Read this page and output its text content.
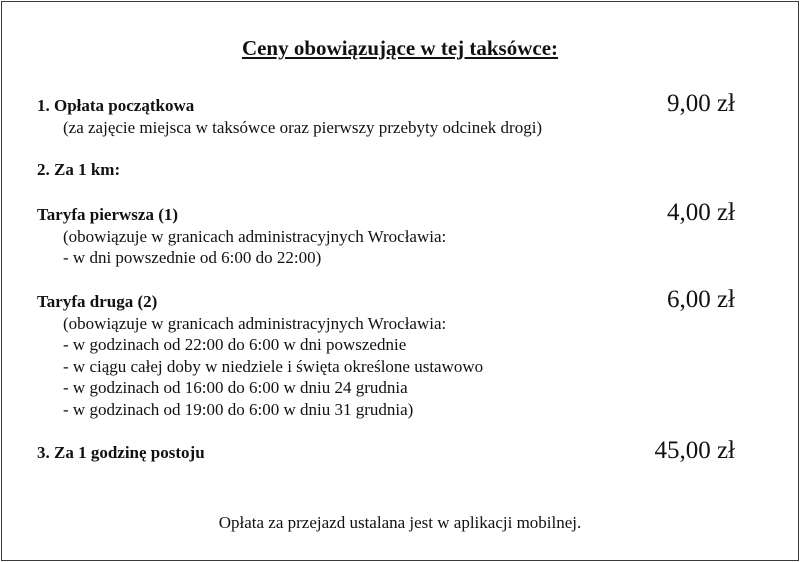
Ceny obowiązujące w tej taksówce:
1. Opłata początkowa
(za zajęcie miejsca w taksówce oraz pierwszy przebyty odcinek drogi)
9,00 zł
2. Za 1 km:
Taryfa pierwsza (1)
(obowiązuje w granicach administracyjnych Wrocławia:
- w dni powszednie od 6:00 do 22:00)
4,00 zł
Taryfa druga (2)
(obowiązuje w granicach administracyjnych Wrocławia:
- w godzinach od 22:00 do 6:00 w dni powszednie
- w ciągu całej doby w niedziele i święta określone ustawowo
- w godzinach od 16:00 do 6:00 w dniu 24 grudnia
- w godzinach od 19:00 do 6:00 w dniu 31 grudnia)
6,00 zł
3. Za 1 godzinę postoju	45,00 zł
Opłata za przejazd ustalana jest w aplikacji mobilnej.
